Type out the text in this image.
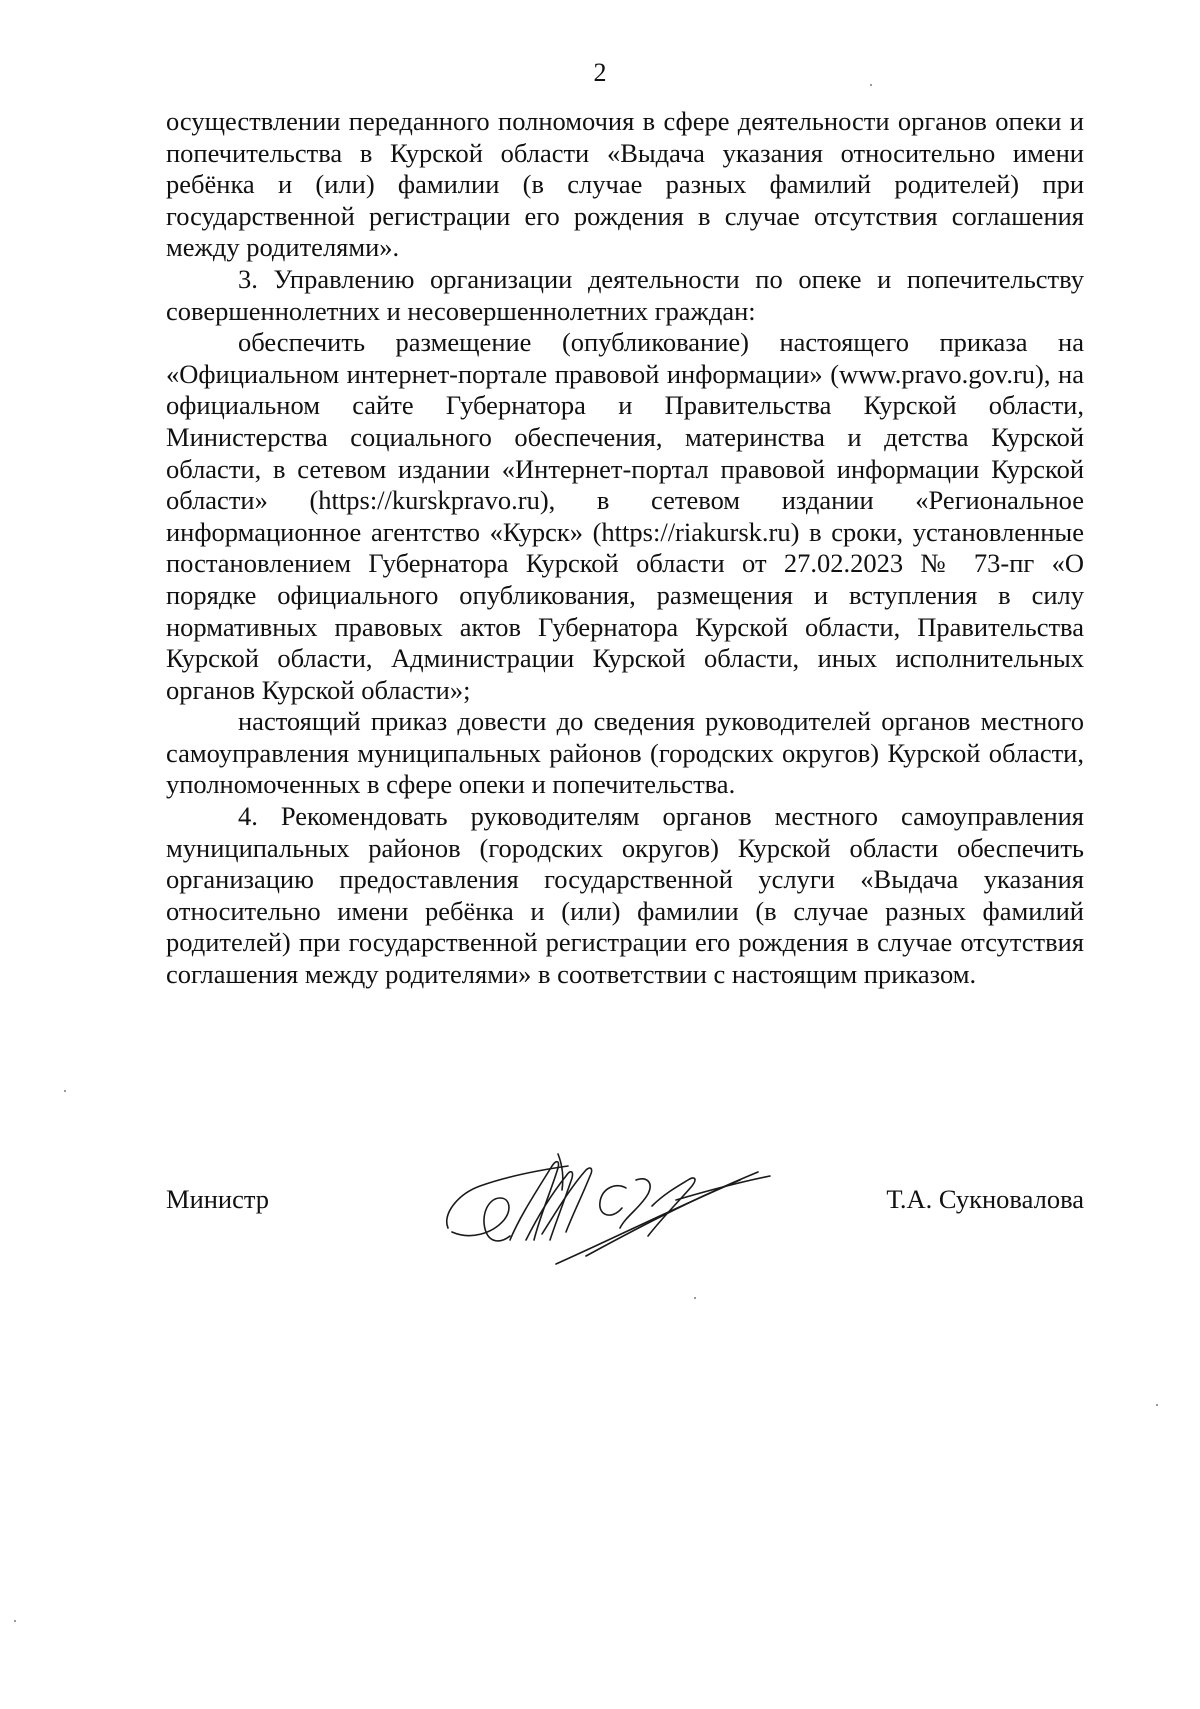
2

осуществлении переданного полномочия в сфере деятельности органов опеки и попечительства в Курской области «Выдача указания относительно имени ребёнка и (или) фамилии (в случае разных фамилий родителей) при государственной регистрации его рождения в случае отсутствия соглашения между родителями».

3. Управлению организации деятельности по опеке и попечительству совершеннолетних и несовершеннолетних граждан:

обеспечить размещение (опубликование) настоящего приказа на «Официальном интернет-портале правовой информации» (www.pravo.gov.ru), на официальном сайте Губернатора и Правительства Курской области, Министерства социального обеспечения, материнства и детства Курской области, в сетевом издании «Интернет-портал правовой информации Курской области» (https://kurskpravo.ru), в сетевом издании «Региональное информационное агентство «Курск» (https://riakursk.ru) в сроки, установленные постановлением Губернатора Курской области от 27.02.2023 № 73-пг «О порядке официального опубликования, размещения и вступления в силу нормативных правовых актов Губернатора Курской области, Правительства Курской области, Администрации Курской области, иных исполнительных органов Курской области»;

настоящий приказ довести до сведения руководителей органов местного самоуправления муниципальных районов (городских округов) Курской области, уполномоченных в сфере опеки и попечительства.

4. Рекомендовать руководителям органов местного самоуправления муниципальных районов (городских округов) Курской области обеспечить организацию предоставления государственной услуги «Выдача указания относительно имени ребёнка и (или) фамилии (в случае разных фамилий родителей) при государственной регистрации его рождения в случае отсутствия соглашения между родителями» в соответствии с настоящим приказом.

Министр	Т.А. Сукновалова
